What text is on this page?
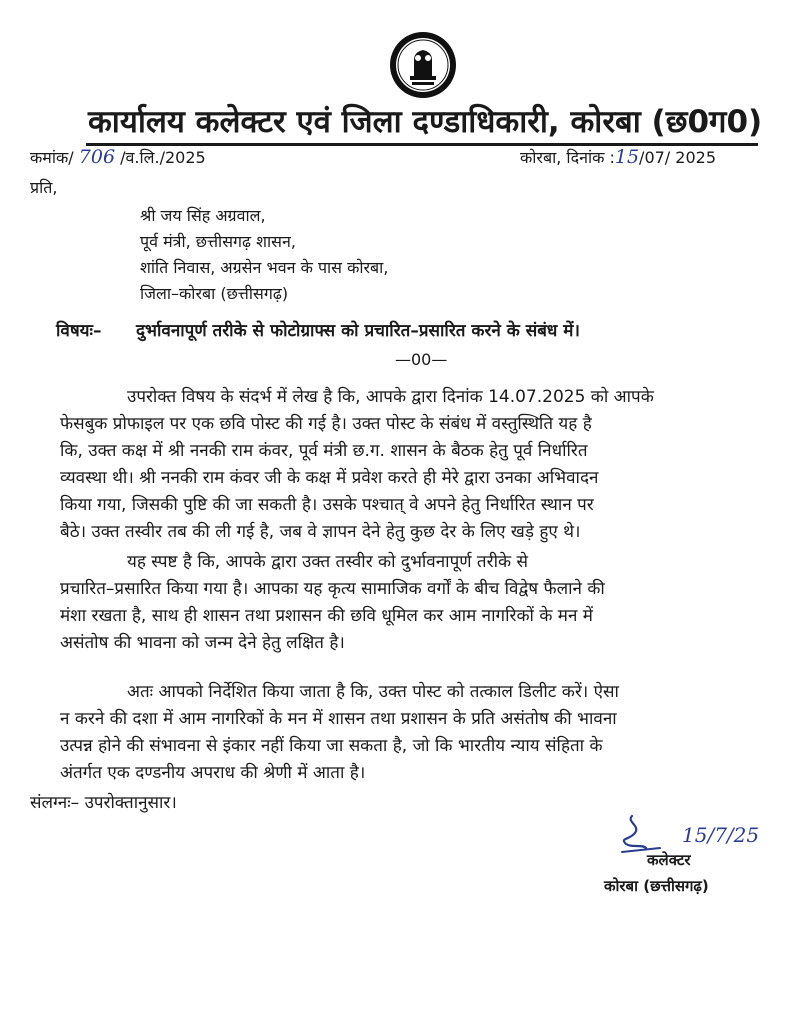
कार्यालय कलेक्टर एवं जिला दण्डाधिकारी, कोरबा (छ0ग0)
कमांक/ 706 /व.लि./2025	कोरबा, दिनांक :15/07/ 2025
प्रति,
श्री जय सिंह अग्रवाल,
पूर्व मंत्री, छत्तीसगढ़ शासन,
शांति निवास, अग्रसेन भवन के पास कोरबा,
जिला–कोरबा (छत्तीसगढ़)
विषयः– दुर्भावनापूर्ण तरीके से फोटोग्राफ्स को प्रचारित–प्रसारित करने के संबंध में।
—00—
उपरोक्त विषय के संदर्भ में लेख है कि, आपके द्वारा दिनांक 14.07.2025 को आपके
फेसबुक प्रोफाइल पर एक छवि पोस्ट की गई है। उक्त पोस्ट के संबंध में वस्तुस्थिति यह है
कि, उक्त कक्ष में श्री ननकी राम कंवर, पूर्व मंत्री छ.ग. शासन के बैठक हेतु पूर्व निर्धारित
व्यवस्था थी। श्री ननकी राम कंवर जी के कक्ष में प्रवेश करते ही मेरे द्वारा उनका अभिवादन
किया गया, जिसकी पुष्टि की जा सकती है। उसके पश्चात् वे अपने हेतु निर्धारित स्थान पर
बैठे। उक्त तस्वीर तब की ली गई है, जब वे ज्ञापन देने हेतु कुछ देर के लिए खड़े हुए थे।
यह स्पष्ट है कि, आपके द्वारा उक्त तस्वीर को दुर्भावनापूर्ण तरीके से
प्रचारित–प्रसारित किया गया है। आपका यह कृत्य सामाजिक वर्गों के बीच विद्वेष फैलाने की
मंशा रखता है, साथ ही शासन तथा प्रशासन की छवि धूमिल कर आम नागरिकों के मन में
असंतोष की भावना को जन्म देने हेतु लक्षित है।
अतः आपको निर्देशित किया जाता है कि, उक्त पोस्ट को तत्काल डिलीट करें। ऐसा
न करने की दशा में आम नागरिकों के मन में शासन तथा प्रशासन के प्रति असंतोष की भावना
उत्पन्न होने की संभावना से इंकार नहीं किया जा सकता है, जो कि भारतीय न्याय संहिता के
अंतर्गत एक दण्डनीय अपराध की श्रेणी में आता है।
संलग्नः– उपरोक्तानुसार।
15/7/25
कलेक्टर
कोरबा (छत्तीसगढ़)
